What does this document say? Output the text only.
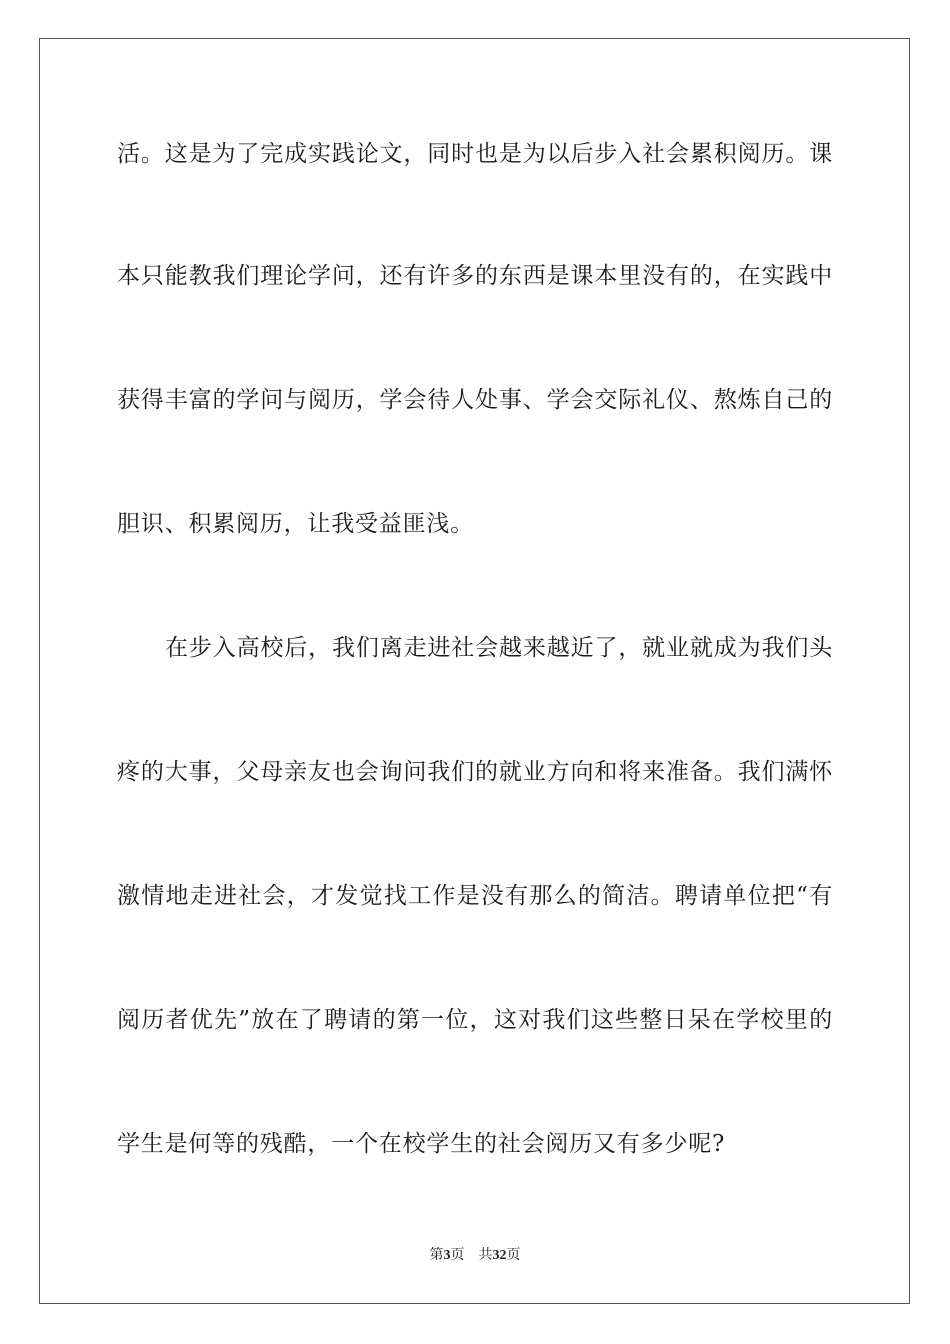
活。这是为了完成实践论文，同时也是为以后步入社会累积阅历。课
本只能教我们理论学问，还有许多的东西是课本里没有的，在实践中
获得丰富的学问与阅历，学会待人处事、学会交际礼仪、熬炼自己的
胆识、积累阅历，让我受益匪浅。
在步入高校后，我们离走进社会越来越近了，就业就成为我们头
疼的大事，父母亲友也会询问我们的就业方向和将来准备。我们满怀
激情地走进社会，才发觉找工作是没有那么的简洁。聘请单位把“有
阅历者优先”放在了聘请的第一位，这对我们这些整日呆在学校里的
学生是何等的残酷，一个在校学生的社会阅历又有多少呢?
第3页 共32页
